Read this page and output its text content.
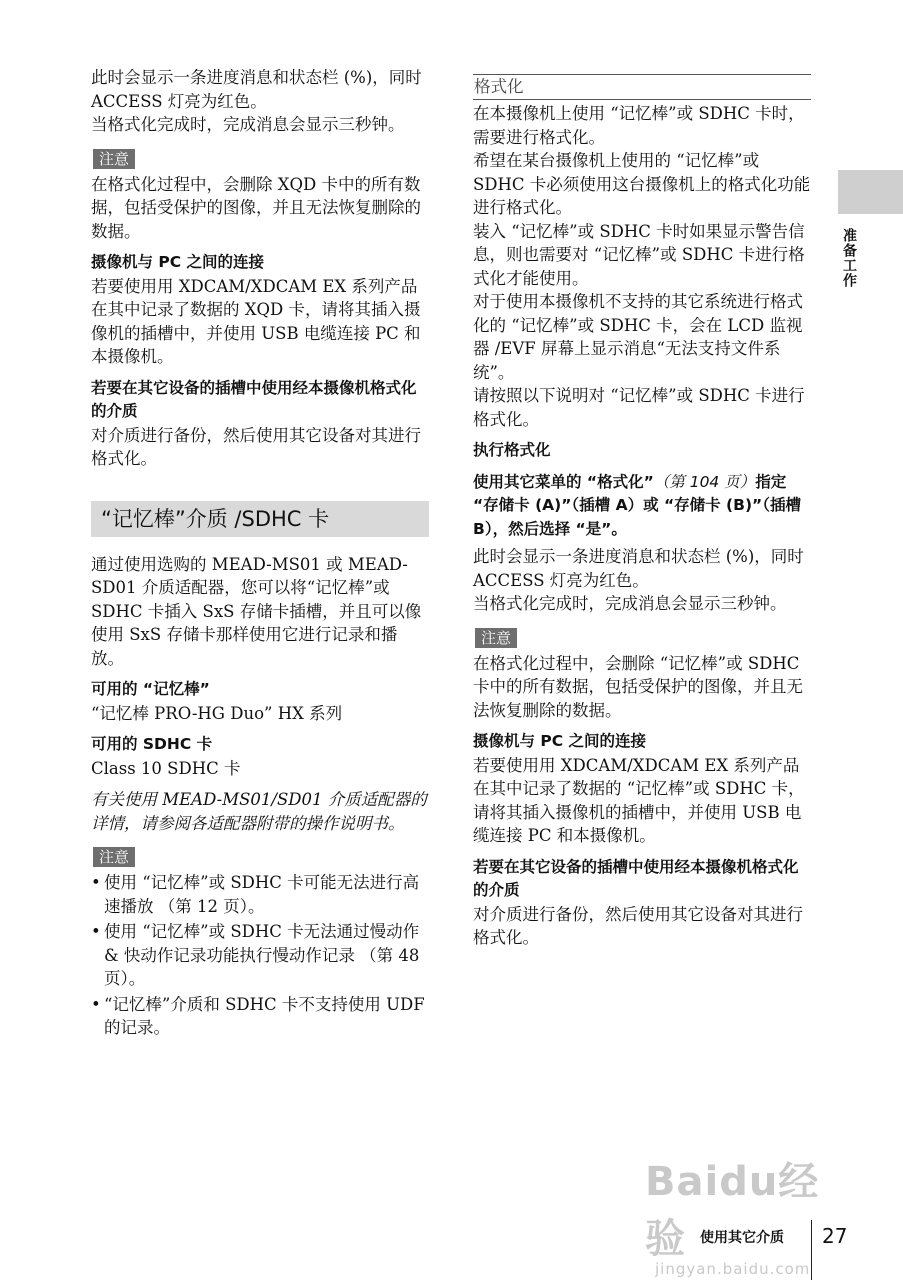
此时会显示一条进度消息和状态栏 (%)，同时 ACCESS 灯亮为红色。

当格式化完成时，完成消息会显示三秒钟。

注意

在格式化过程中，会删除 XQD 卡中的所有数据，包括受保护的图像，并且无法恢复删除的数据。

摄像机与 PC 之间的连接

若要使用用 XDCAM/XDCAM EX 系列产品在其中记录了数据的 XQD 卡，请将其插入摄像机的插槽中，并使用 USB 电缆连接 PC 和本摄像机。

若要在其它设备的插槽中使用经本摄像机格式化的介质

对介质进行备份，然后使用其它设备对其进行格式化。

“记忆棒”介质 /SDHC 卡

通过使用选购的 MEAD-MS01 或 MEAD-SD01 介质适配器，您可以将“记忆棒”或 SDHC 卡插入 SxS 存储卡插槽，并且可以像使用 SxS 存储卡那样使用它进行记录和播放。

可用的 “记忆棒”

“记忆棒 PRO-HG Duo” HX 系列

可用的 SDHC 卡

Class 10 SDHC 卡

有关使用 MEAD-MS01/SD01 介质适配器的详情，请参阅各适配器附带的操作说明书。

注意
• 使用 “记忆棒”或 SDHC 卡可能无法进行高速播放 （第 12 页）。
• 使用 “记忆棒”或 SDHC 卡无法通过慢动作 & 快动作记录功能执行慢动作记录 （第 48 页）。
• “记忆棒”介质和 SDHC 卡不支持使用 UDF 的记录。
格式化

在本摄像机上使用 “记忆棒”或 SDHC 卡时，需要进行格式化。

希望在某台摄像机上使用的 “记忆棒”或 SDHC 卡必须使用这台摄像机上的格式化功能进行格式化。

装入 “记忆棒”或 SDHC 卡时如果显示警告信息，则也需要对 “记忆棒”或 SDHC 卡进行格式化才能使用。

对于使用本摄像机不支持的其它系统进行格式化的 “记忆棒”或 SDHC 卡，会在 LCD 监视器 /EVF 屏幕上显示消息“无法支持文件系统”。

请按照以下说明对 “记忆棒”或 SDHC 卡进行格式化。

执行格式化
使用其它菜单的 “格式化”（第 104 页）指定 “存储卡 (A)”（插槽 A）或 “存储卡 (B)”（插槽 B），然后选择 “是”。

此时会显示一条进度消息和状态栏 (%)，同时 ACCESS 灯亮为红色。

当格式化完成时，完成消息会显示三秒钟。

注意

在格式化过程中，会删除 “记忆棒”或 SDHC 卡中的所有数据，包括受保护的图像，并且无法恢复删除的数据。

摄像机与 PC 之间的连接

若要使用用 XDCAM/XDCAM EX 系列产品在其中记录了数据的 “记忆棒”或 SDHC 卡，请将其插入摄像机的插槽中，并使用 USB 电缆连接 PC 和本摄像机。

若要在其它设备的插槽中使用经本摄像机格式化的介质

对介质进行备份，然后使用其它设备对其进行格式化。

准备工作
Baidu经验
jingyan.baidu.com
使用其它介质 27
